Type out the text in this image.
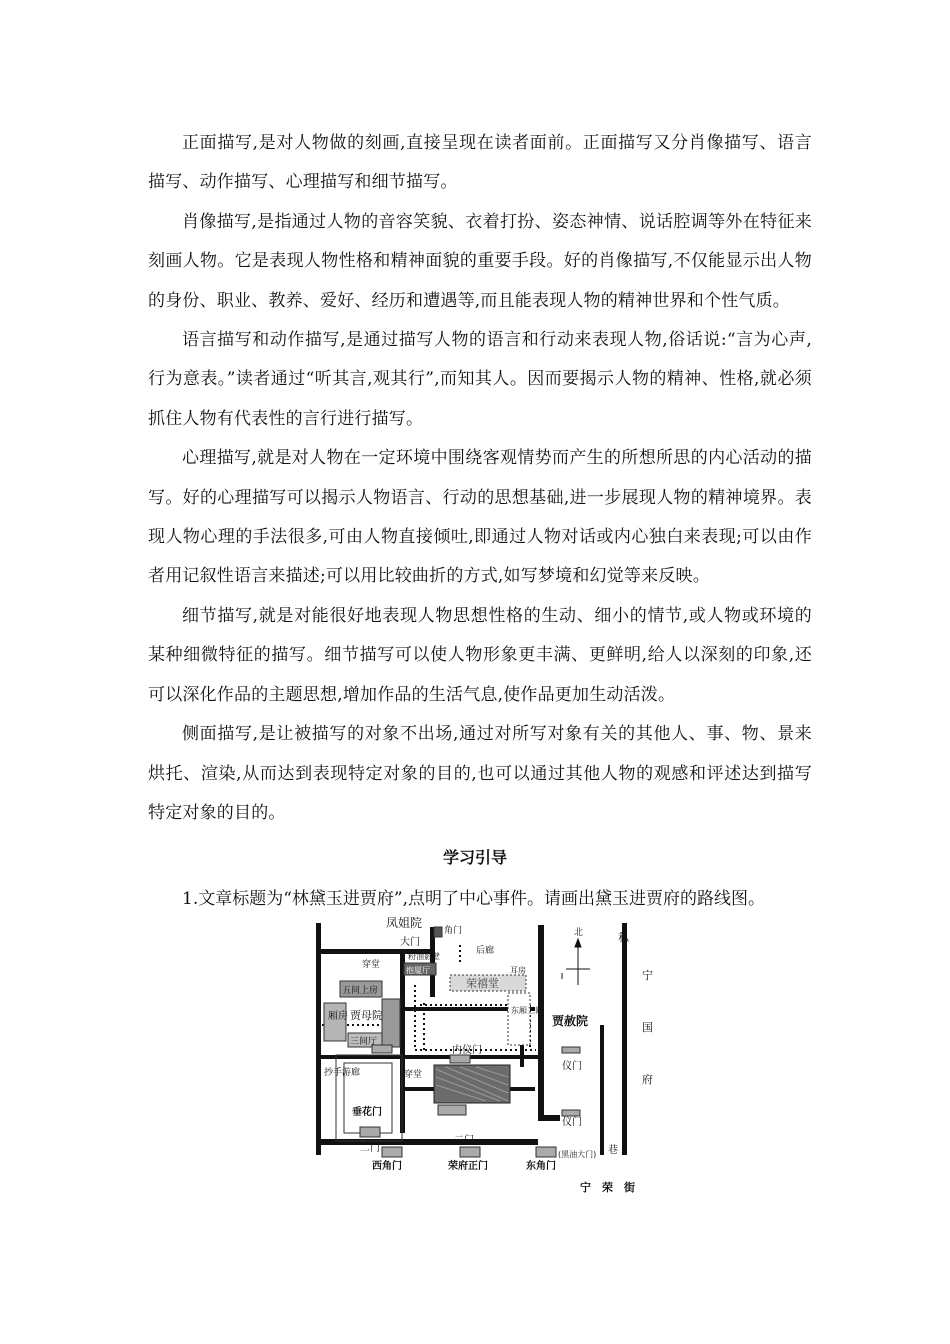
正面描写,是对人物做的刻画,直接呈现在读者面前。正面描写又分肖像描写、语言描写、动作描写、心理描写和细节描写。

肖像描写,是指通过人物的音容笑貌、衣着打扮、姿态神情、说话腔调等外在特征来刻画人物。它是表现人物性格和精神面貌的重要手段。好的肖像描写,不仅能显示出人物的身份、职业、教养、爱好、经历和遭遇等,而且能表现人物的精神世界和个性气质。

语言描写和动作描写,是通过描写人物的语言和行动来表现人物,俗话说:“言为心声,行为意表。”读者通过“听其言,观其行”,而知其人。因而要揭示人物的精神、性格,就必须抓住人物有代表性的言行进行描写。

心理描写,就是对人物在一定环境中围绕客观情势而产生的所想所思的内心活动的描写。好的心理描写可以揭示人物语言、行动的思想基础,进一步展现人物的精神境界。表现人物心理的手法很多,可由人物直接倾吐,即通过人物对话或内心独白来表现;可以由作者用记叙性语言来描述;可以用比较曲折的方式,如写梦境和幻觉等来反映。

细节描写,就是对能很好地表现人物思想性格的生动、细小的情节,或人物或环境的某种细微特征的描写。细节描写可以使人物形象更丰满、更鲜明,给人以深刻的印象,还可以深化作品的主题思想,增加作品的生活气息,使作品更加生动活泼。

侧面描写,是让被描写的对象不出场,通过对所写对象有关的其他人、事、物、景来烘托、渲染,从而达到表现特定对象的目的,也可以通过其他人物的观感和评述达到描写特定对象的目的。

学习引导
1.文章标题为“林黛玉进贾府”,点明了中心事件。请画出黛玉进贾府的路线图。
凤姐院
大门
角门
后廊
北
穿堂
粉油影壁
抱厦厅	耳房
荣禧堂
五间上房
厢房 贾母院	东厢三间
贾赦院
三间厅
内仪门
仪门
抄手游廊	穿堂
垂花门
仪门
二门
二门
巷
西角门	荣府正门	东角门
(黑油大门)
宁　荣　街
私
宁
国
府
